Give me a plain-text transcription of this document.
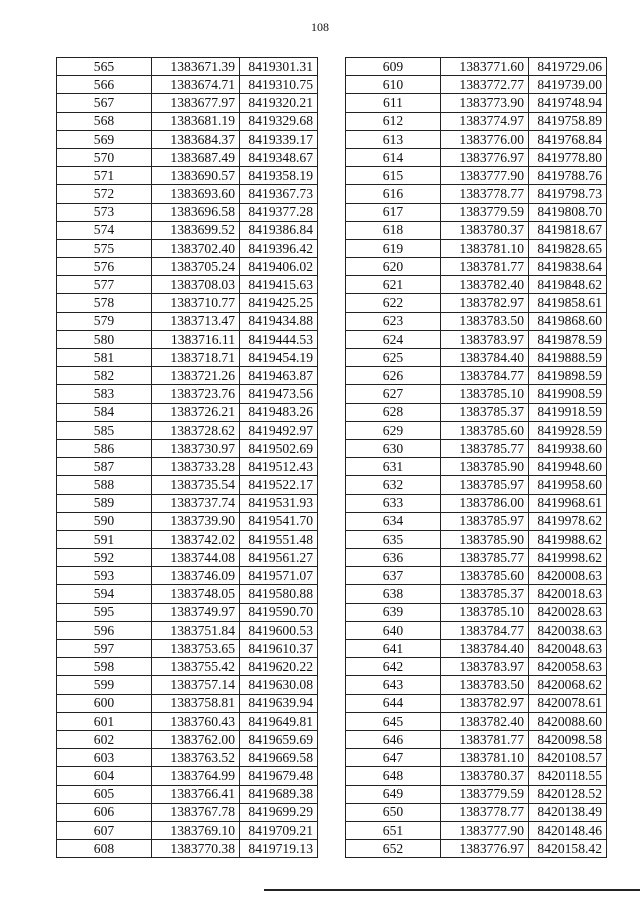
108
565	1383671.39	8419301.31
566	1383674.71	8419310.75
567	1383677.97	8419320.21
568	1383681.19	8419329.68
569	1383684.37	8419339.17
570	1383687.49	8419348.67
571	1383690.57	8419358.19
572	1383693.60	8419367.73
573	1383696.58	8419377.28
574	1383699.52	8419386.84
575	1383702.40	8419396.42
576	1383705.24	8419406.02
577	1383708.03	8419415.63
578	1383710.77	8419425.25
579	1383713.47	8419434.88
580	1383716.11	8419444.53
581	1383718.71	8419454.19
582	1383721.26	8419463.87
583	1383723.76	8419473.56
584	1383726.21	8419483.26
585	1383728.62	8419492.97
586	1383730.97	8419502.69
587	1383733.28	8419512.43
588	1383735.54	8419522.17
589	1383737.74	8419531.93
590	1383739.90	8419541.70
591	1383742.02	8419551.48
592	1383744.08	8419561.27
593	1383746.09	8419571.07
594	1383748.05	8419580.88
595	1383749.97	8419590.70
596	1383751.84	8419600.53
597	1383753.65	8419610.37
598	1383755.42	8419620.22
599	1383757.14	8419630.08
600	1383758.81	8419639.94
601	1383760.43	8419649.81
602	1383762.00	8419659.69
603	1383763.52	8419669.58
604	1383764.99	8419679.48
605	1383766.41	8419689.38
606	1383767.78	8419699.29
607	1383769.10	8419709.21
608	1383770.38	8419719.13
609	1383771.60	8419729.06
610	1383772.77	8419739.00
611	1383773.90	8419748.94
612	1383774.97	8419758.89
613	1383776.00	8419768.84
614	1383776.97	8419778.80
615	1383777.90	8419788.76
616	1383778.77	8419798.73
617	1383779.59	8419808.70
618	1383780.37	8419818.67
619	1383781.10	8419828.65
620	1383781.77	8419838.64
621	1383782.40	8419848.62
622	1383782.97	8419858.61
623	1383783.50	8419868.60
624	1383783.97	8419878.59
625	1383784.40	8419888.59
626	1383784.77	8419898.59
627	1383785.10	8419908.59
628	1383785.37	8419918.59
629	1383785.60	8419928.59
630	1383785.77	8419938.60
631	1383785.90	8419948.60
632	1383785.97	8419958.60
633	1383786.00	8419968.61
634	1383785.97	8419978.62
635	1383785.90	8419988.62
636	1383785.77	8419998.62
637	1383785.60	8420008.63
638	1383785.37	8420018.63
639	1383785.10	8420028.63
640	1383784.77	8420038.63
641	1383784.40	8420048.63
642	1383783.97	8420058.63
643	1383783.50	8420068.62
644	1383782.97	8420078.61
645	1383782.40	8420088.60
646	1383781.77	8420098.58
647	1383781.10	8420108.57
648	1383780.37	8420118.55
649	1383779.59	8420128.52
650	1383778.77	8420138.49
651	1383777.90	8420148.46
652	1383776.97	8420158.42
